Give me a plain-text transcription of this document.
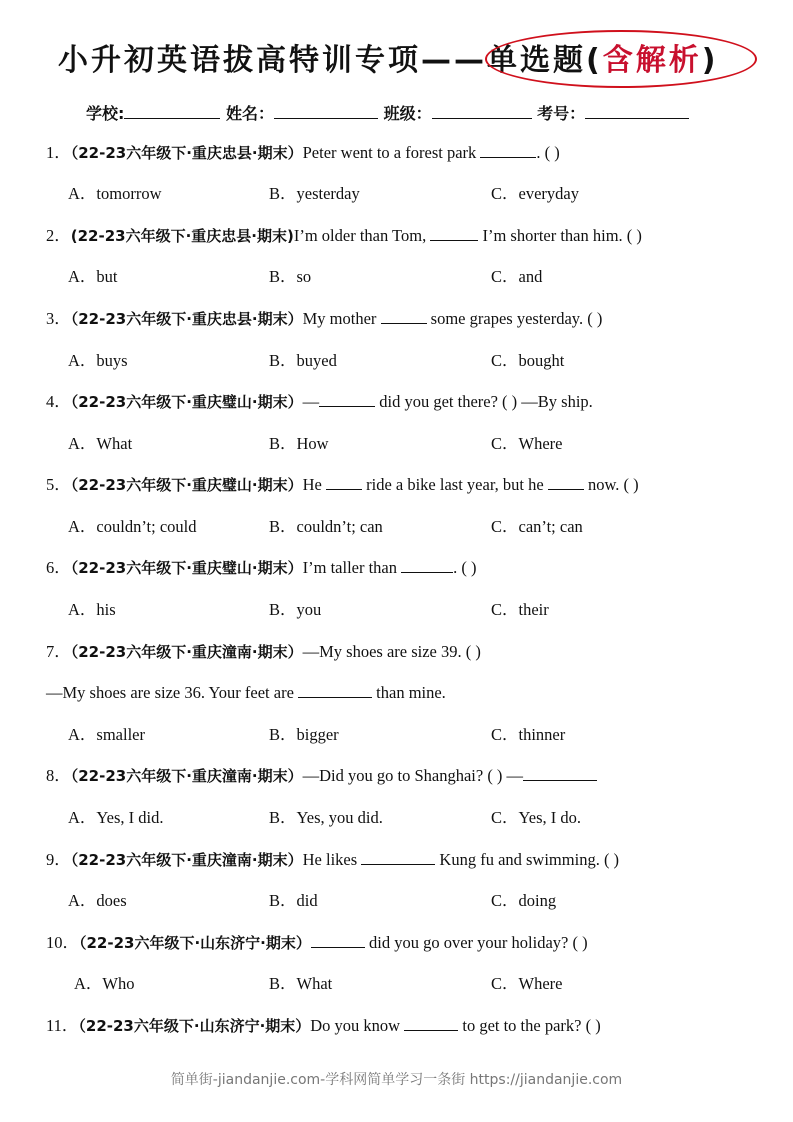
小升初英语拔高特训专项——单选题(含解析)
学校:	姓名：	班级：	考号：
1．（22-23六年级下·重庆忠县·期末）Peter went to a forest park	. ( )
A．tomorrow	B．yesterday	C．everyday
2．(22-23六年级下·重庆忠县·期末)I’m older than Tom,	I’m shorter than him. ( )
A．but	B．so	C．and
3．（22-23六年级下·重庆忠县·期末）My mother	some grapes yesterday. ( )
A．buys	B．buyed	C．bought
4．（22-23六年级下·重庆璧山·期末）—	did you get there? ( ) —By ship.
A．What	B．How	C．Where
5．（22-23六年级下·重庆璧山·期末）He  ride a bike last year, but he  now. ( )
A．couldn’t; could	B．couldn’t; can	C．can’t; can
6．（22-23六年级下·重庆璧山·期末）I’m taller than	. ( )
A．his	B．you	C．their
7．（22-23六年级下·重庆潼南·期末）—My shoes are size 39. ( )
—My shoes are size 36. Your feet are	than mine.
A．smaller	B．bigger	C．thinner
8．（22-23六年级下·重庆潼南·期末）—Did you go to Shanghai? ( ) —
A．Yes, I did.	B．Yes, you did.	C．Yes, I do.
9．（22-23六年级下·重庆潼南·期末）He likes	Kung fu and swimming. ( )
A．does	B．did	C．doing
10．（22-23六年级下·山东济宁·期末）	did you go over your holiday? ( )
A．Who	B．What	C．Where
11．（22-23六年级下·山东济宁·期末）Do you know	to get to the park? ( )
简单街-jiandanjie.com-学科网简单学习一条街 https://jiandanjie.com
